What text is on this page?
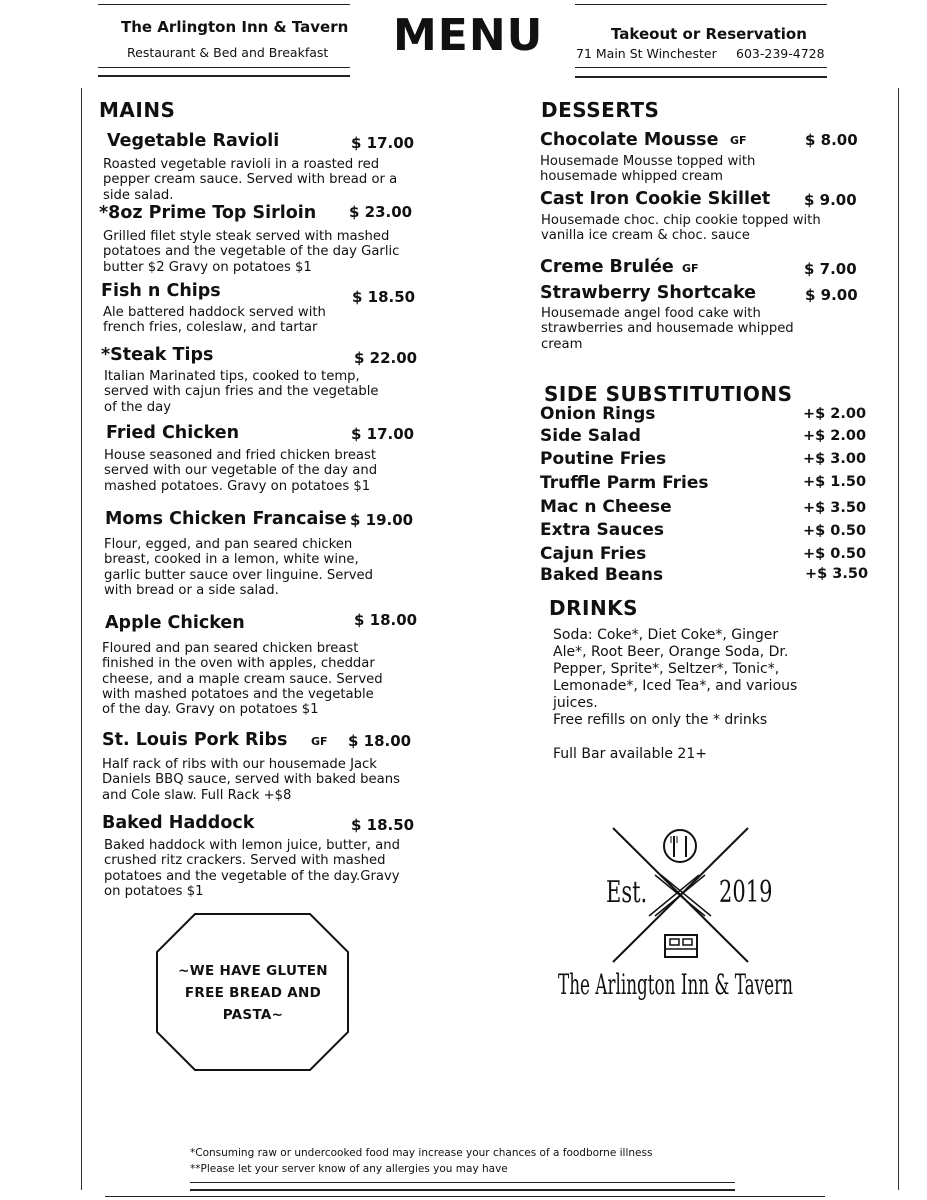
The Arlington Inn & Tavern
Restaurant & Bed and Breakfast MENU	Takeout or Reservation
71 Main St Winchester 603-239-4728
MAINS
Vegetable Ravioli	$ 17.00
Roasted vegetable ravioli in a roasted red pepper cream sauce. Served with bread or a side salad.
*8oz Prime Top Sirloin $ 23.00
Grilled filet style steak served with mashed potatoes and the vegetable of the day Garlic butter $2 Gravy on potatoes $1
Fish n Chips	$ 18.50
Ale battered haddock served with french fries, coleslaw, and tartar
*Steak Tips	$ 22.00
Italian Marinated tips, cooked to temp, served with cajun fries and the vegetable of the day
Fried Chicken	$ 17.00
House seasoned and fried chicken breast served with our vegetable of the day and mashed potatoes. Gravy on potatoes $1
Moms Chicken Francaise $ 19.00
Flour, egged, and pan seared chicken breast, cooked in a lemon, white wine, garlic butter sauce over linguine. Served with bread or a side salad.
Apple Chicken	$ 18.00
Floured and pan seared chicken breast finished in the oven with apples, cheddar cheese, and a maple cream sauce. Served with mashed potatoes and the vegetable of the day. Gravy on potatoes $1
St. Louis Pork Ribs GF $ 18.00
Half rack of ribs with our housemade Jack Daniels BBQ sauce, served with baked beans and Cole slaw. Full Rack +$8
Baked Haddock	$ 18.50
Baked haddock with lemon juice, butter, and crushed ritz crackers. Served with mashed potatoes and the vegetable of the day.Gravy on potatoes $1
~WE HAVE GLUTEN FREE BREAD AND PASTA~
DESSERTS
Chocolate Mousse GF	$ 8.00
Housemade Mousse topped with housemade whipped cream
Cast Iron Cookie Skillet $ 9.00
Housemade choc. chip cookie topped with vanilla ice cream & choc. sauce
Creme Brulée GF	$ 7.00
Strawberry Shortcake	$ 9.00
Housemade angel food cake with strawberries and housemade whipped cream
SIDE SUBSTITUTIONS
Onion Rings	+$ 2.00
Side Salad	+$ 2.00
Poutine Fries	+$ 3.00
Truffle Parm Fries	+$ 1.50
Mac n Cheese	+$ 3.50
Extra Sauces	+$ 0.50
Cajun Fries	+$ 0.50
Baked Beans	+$ 3.50
DRINKS
Soda: Coke*, Diet Coke*, Ginger Ale*, Root Beer, Orange Soda, Dr. Pepper, Sprite*, Seltzer*, Tonic*, Lemonade*, Iced Tea*, and various juices.
Free refills on only the * drinks
Full Bar available 21+
Est. 2019
The Arlington Inn & Tavern
*Consuming raw or undercooked food may increase your chances of a foodborne illness
**Please let your server know of any allergies you may have
